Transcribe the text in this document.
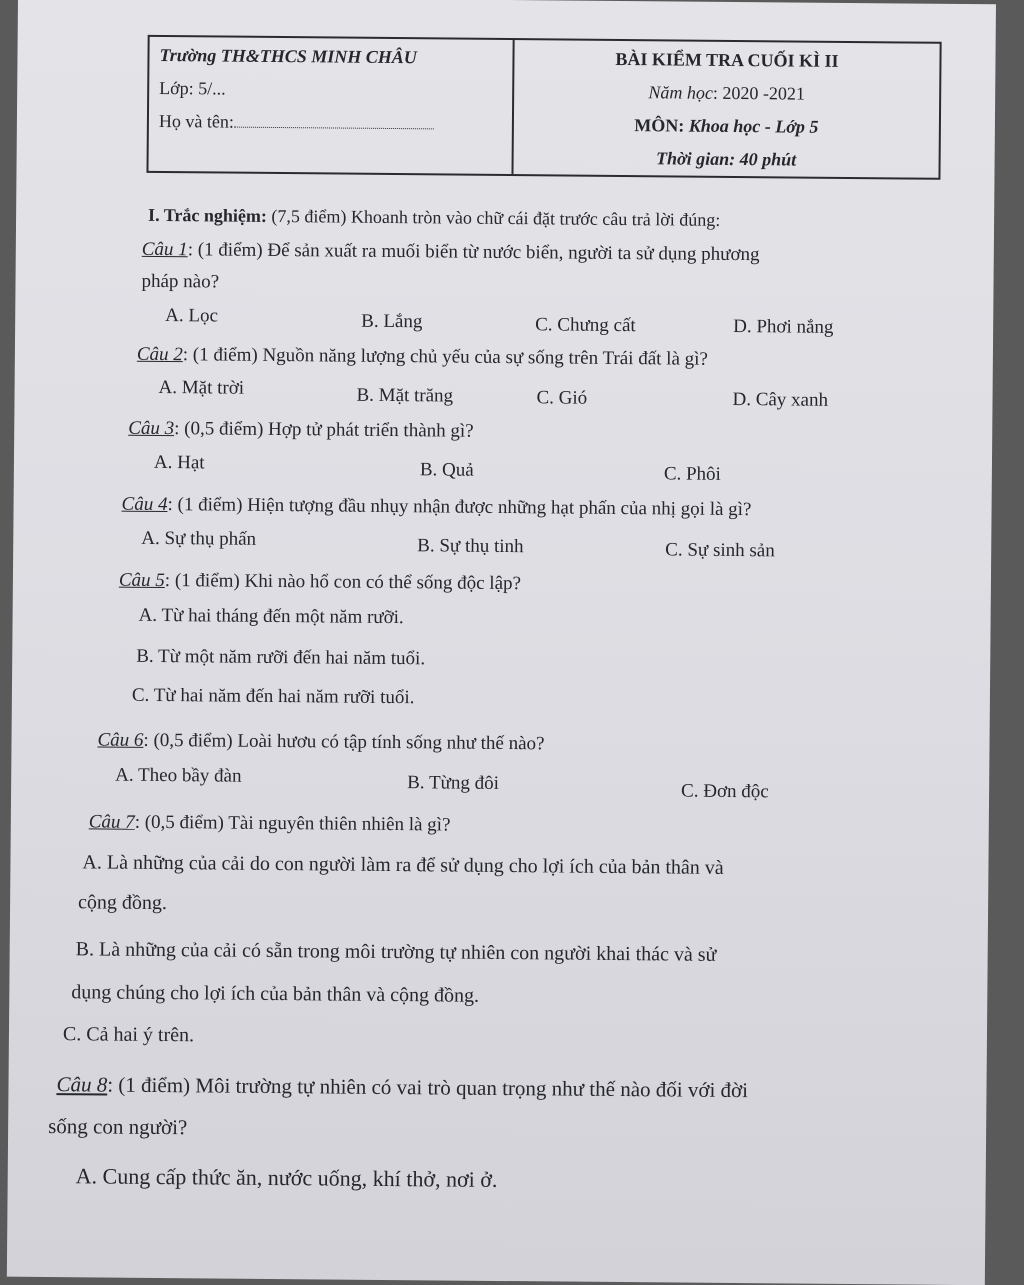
Trường TH&THCS MINH CHÂU
Lớp: 5/...
Họ và tên:
BÀI KIỂM TRA CUỐI KÌ II
Năm học: 2020 -2021
MÔN: Khoa học - Lớp 5
Thời gian: 40 phút
I. Trắc nghiệm: (7,5 điểm) Khoanh tròn vào chữ cái đặt trước câu trả lời đúng:
Câu 1: (1 điểm) Để sản xuất ra muối biển từ nước biển, người ta sử dụng phương
pháp nào?
A. Lọc	B. Lắng	C. Chưng cất	D. Phơi nắng
Câu 2: (1 điểm) Nguồn năng lượng chủ yếu của sự sống trên Trái đất là gì?
A. Mặt trời	B. Mặt trăng	C. Gió	D. Cây xanh
Câu 3: (0,5 điểm) Hợp tử phát triển thành gì?
A. Hạt	B. Quả	C. Phôi
Câu 4: (1 điểm) Hiện tượng đầu nhụy nhận được những hạt phấn của nhị gọi là gì?
A. Sự thụ phấn	B. Sự thụ tinh	C. Sự sinh sản
Câu 5: (1 điểm) Khi nào hổ con có thể sống độc lập?
A. Từ hai tháng đến một năm rưỡi.
B. Từ một năm rưỡi đến hai năm tuổi.
C. Từ hai năm đến hai năm rưỡi tuổi.
Câu 6: (0,5 điểm) Loài hươu có tập tính sống như thế nào?
A. Theo bầy đàn	B. Từng đôi	C. Đơn độc
Câu 7: (0,5 điểm) Tài nguyên thiên nhiên là gì?
A. Là những của cải do con người làm ra để sử dụng cho lợi ích của bản thân và
cộng đồng.
B. Là những của cải có sẵn trong môi trường tự nhiên con người khai thác và sử
dụng chúng cho lợi ích của bản thân và cộng đồng.
C. Cả hai ý trên.
Câu 8: (1 điểm) Môi trường tự nhiên có vai trò quan trọng như thế nào đối với đời
sống con người?
A. Cung cấp thức ăn, nước uống, khí thở, nơi ở.
